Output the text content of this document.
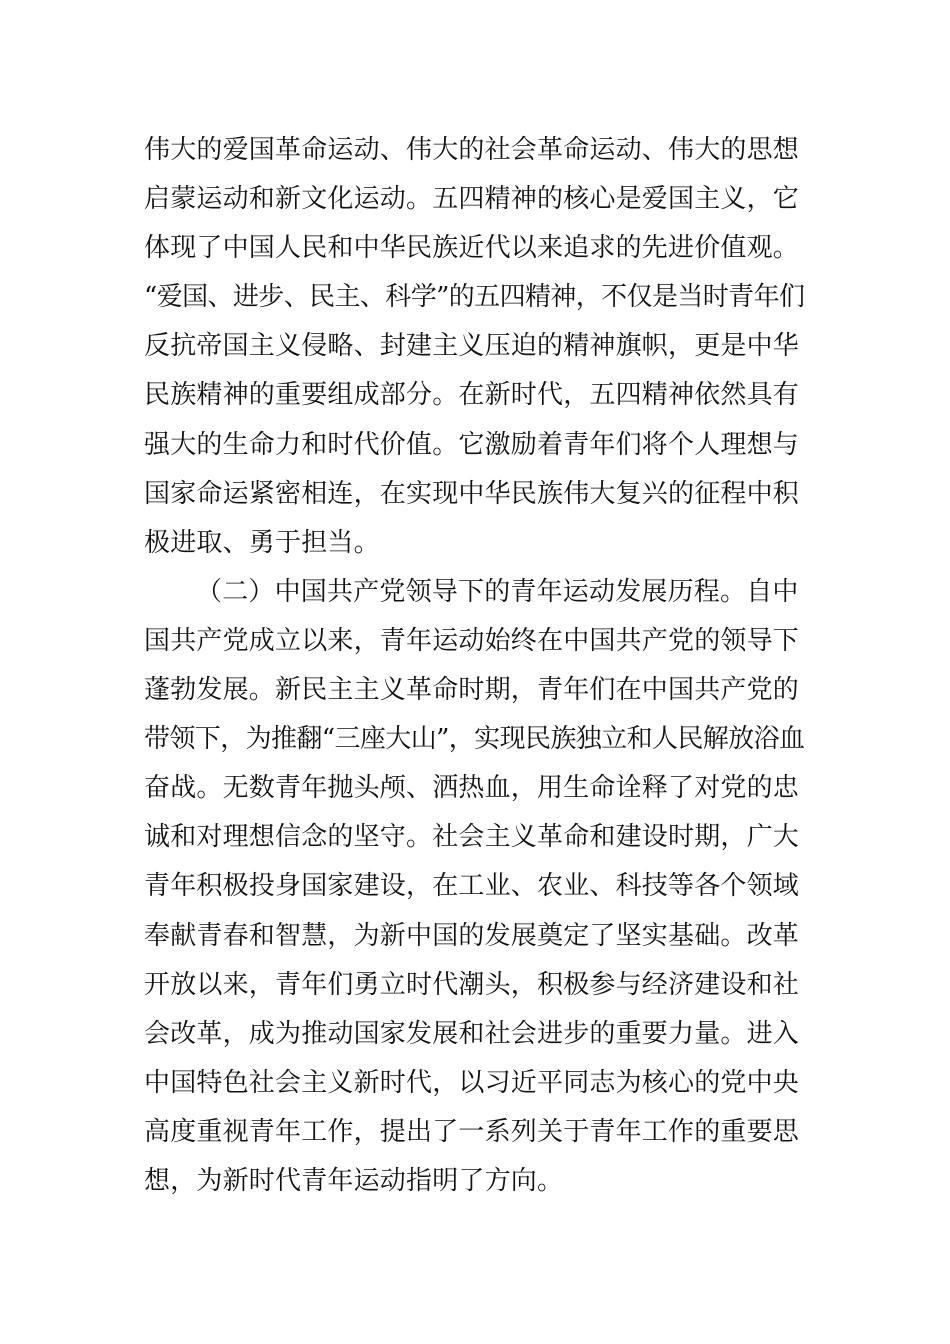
伟大的爱国革命运动、伟大的社会革命运动、伟大的思想
启蒙运动和新文化运动。五四精神的核心是爱国主义，它
体现了中国人民和中华民族近代以来追求的先进价值观。
“爱国、进步、民主、科学”的五四精神，不仅是当时青年们
反抗帝国主义侵略、封建主义压迫的精神旗帜，更是中华
民族精神的重要组成部分。在新时代，五四精神依然具有
强大的生命力和时代价值。它激励着青年们将个人理想与
国家命运紧密相连，在实现中华民族伟大复兴的征程中积
极进取、勇于担当。
（二）中国共产党领导下的青年运动发展历程。自中
国共产党成立以来，青年运动始终在中国共产党的领导下
蓬勃发展。新民主主义革命时期，青年们在中国共产党的
带领下，为推翻“三座大山”，实现民族独立和人民解放浴血
奋战。无数青年抛头颅、洒热血，用生命诠释了对党的忠
诚和对理想信念的坚守。社会主义革命和建设时期，广大
青年积极投身国家建设，在工业、农业、科技等各个领域
奉献青春和智慧，为新中国的发展奠定了坚实基础。改革
开放以来，青年们勇立时代潮头，积极参与经济建设和社
会改革，成为推动国家发展和社会进步的重要力量。进入
中国特色社会主义新时代，以习近平同志为核心的党中央
高度重视青年工作，提出了一系列关于青年工作的重要思
想，为新时代青年运动指明了方向。
